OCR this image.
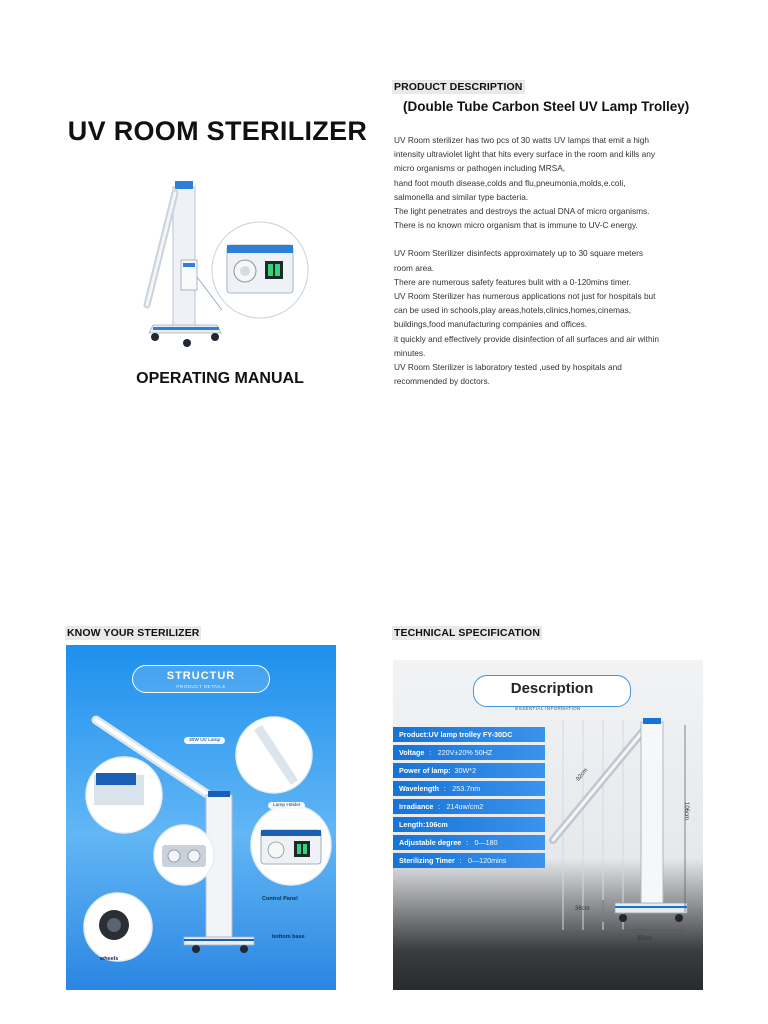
UV ROOM STERILIZER
OPERATING MANUAL
PRODUCT DESCRIPTION
(Double Tube Carbon Steel UV Lamp Trolley)

UV Room sterilizer has two pcs of 30 watts UV lamps that emit a high

intensity ultraviolet light that hits every surface in the room and kills any

micro organisms or pathogen including MRSA,

hand foot mouth disease,colds and flu,pneumonia,molds,e.coli,

salmonella and similar type bacteria.

The light penetrates and destroys the actual DNA of micro organisms.

There is no known micro organism that is immune to UV-C energy.

UV Room Sterilizer disinfects approximately up to 30 square meters

room area.

There are numerous safety features bulit with a 0-120mins timer.

UV Room Sterilizer has numerous applications not just for hospitals but

can be used in schools,play areas,hotels,clinics,homes,cinemas,

buildings,food manufacturing companies and offices.

it quickly and effectively provide disinfection of all surfaces and air within

minutes.

UV Room Sterilizer is laboratory tested ,used by hospitals and

recommended by doctors.

KNOW YOUR STERILIZER
STRUCTUR
PRODUCT DETAILS
30W UV Lamp
Lamp Holder
Control Panel
bottom base
wheels
TECHNICAL SPECIFICATION
Description
ESSENTIAL INFORMATION
Product:UV lamp trolley FY-30DC
Voltage ： 220V±20% 50HZ
Power of lamp: 30W*2
Wavelength ： 253.7nm
Irradiance ： 214uw/cm2
Length:106cm
Adjustable degree ： 0—180
Sterilizing Timer ： 0—120mins
92cm
106cm
36cm
35cm
